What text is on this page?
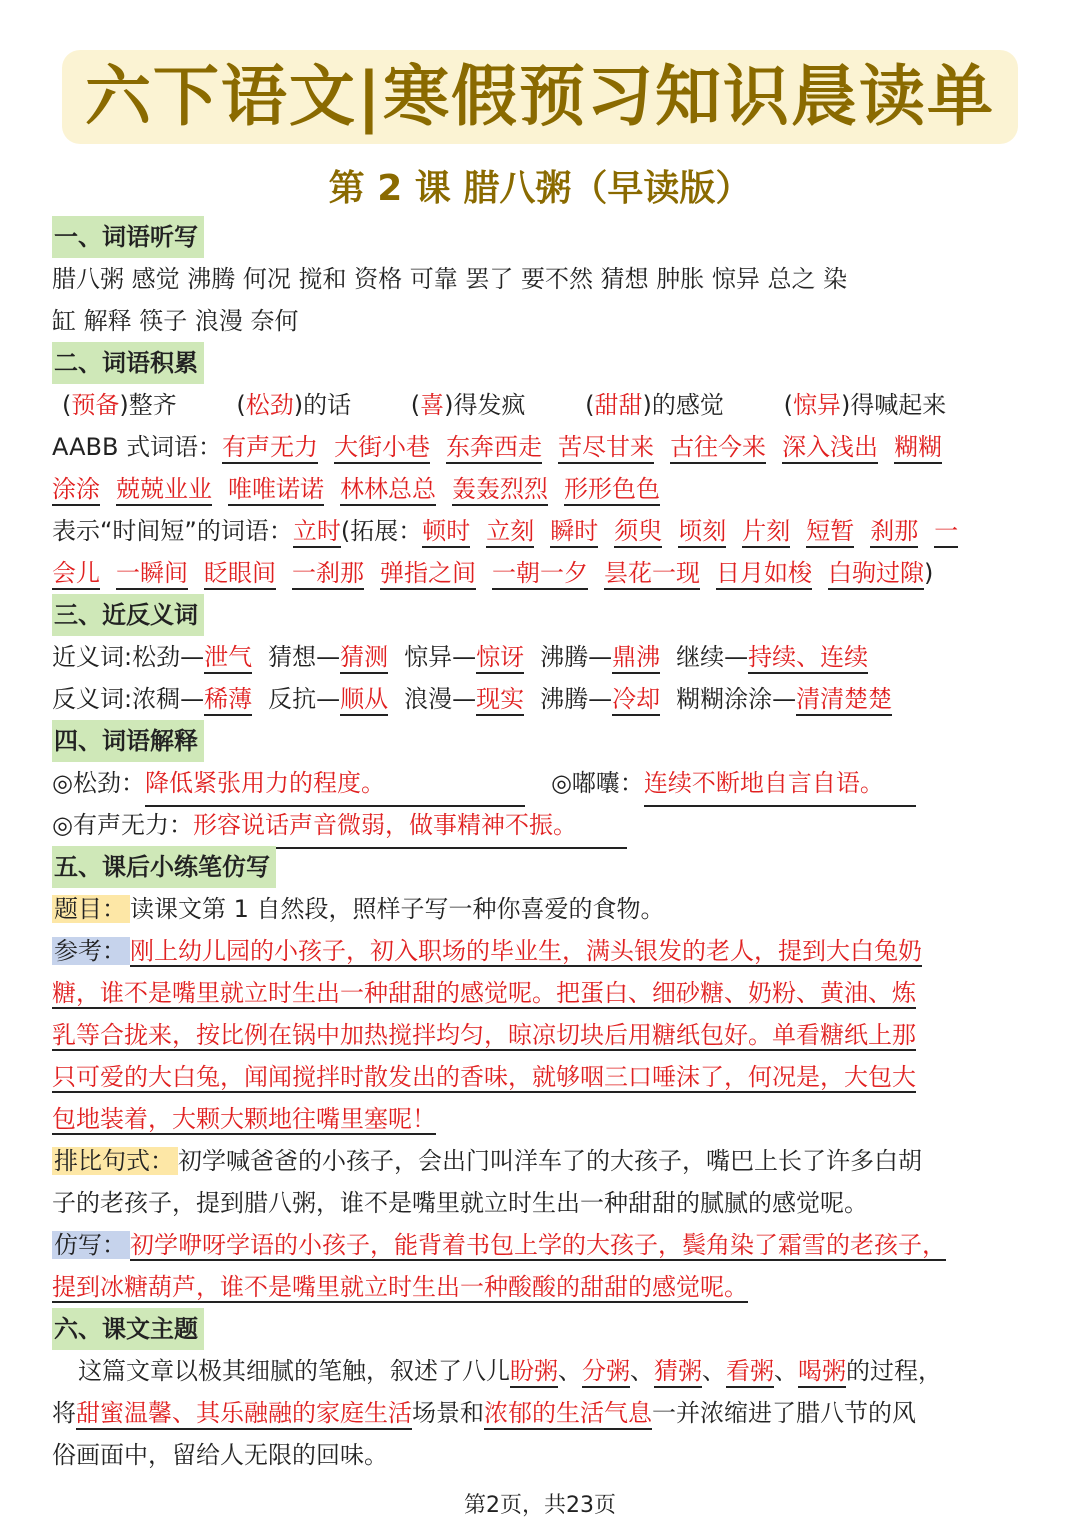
六下语文|寒假预习知识晨读单
第 2 课 腊八粥（早读版）
一、词语听写
腊八粥 感觉 沸腾 何况 搅和 资格 可靠 罢了 要不然 猜想 肿胀 惊异 总之 染
缸 解释 筷子 浪漫 奈何
二、词语积累
(预备)整齐 (松劲)的话 (喜)得发疯 (甜甜)的感觉 (惊异)得喊起来
AABB 式词语：有声无力 大街小巷 东奔西走 苦尽甘来 古往今来 深入浅出 糊糊
涂涂 兢兢业业 唯唯诺诺 林林总总 轰轰烈烈 形形色色
表示“时间短”的词语：立时(拓展：顿时 立刻 瞬时 须臾 顷刻 片刻 短暂 刹那 一
会儿 一瞬间 眨眼间 一刹那 弹指之间 一朝一夕 昙花一现 日月如梭 白驹过隙)
三、近反义词
近义词:松劲—泄气 猜想—猜测 惊异—惊讶 沸腾—鼎沸 继续—持续、连续
反义词:浓稠—稀薄 反抗—顺从 浪漫—现实 沸腾—冷却 糊糊涂涂—清清楚楚
四、词语解释
◎松劲：降低紧张用力的程度。	◎嘟囔：连续不断地自言自语。
◎有声无力：形容说话声音微弱，做事精神不振。
五、课后小练笔仿写
题目： 读课文第 1 自然段，照样子写一种你喜爱的食物。
参考： 刚上幼儿园的小孩子，初入职场的毕业生，满头银发的老人，提到大白兔奶
糖，谁不是嘴里就立时生出一种甜甜的感觉呢。把蛋白、细砂糖、奶粉、黄油、炼
乳等合拢来，按比例在锅中加热搅拌均匀，晾凉切块后用糖纸包好。单看糖纸上那
只可爱的大白兔，闻闻搅拌时散发出的香味，就够咽三口唾沫了，何况是，大包大
包地装着，大颗大颗地往嘴里塞呢！
排比句式： 初学喊爸爸的小孩子，会出门叫洋车了的大孩子，嘴巴上长了许多白胡
子的老孩子，提到腊八粥，谁不是嘴里就立时生出一种甜甜的腻腻的感觉呢。
仿写： 初学咿呀学语的小孩子，能背着书包上学的大孩子，鬓角染了霜雪的老孩子，
提到冰糖葫芦，谁不是嘴里就立时生出一种酸酸的甜甜的感觉呢。
六、课文主题
这篇文章以极其细腻的笔触，叙述了八儿盼粥、分粥、猜粥、看粥、喝粥的过程，
将甜蜜温馨、其乐融融的家庭生活场景和浓郁的生活气息一并浓缩进了腊八节的风
俗画面中，留给人无限的回味。
第2页，共23页
